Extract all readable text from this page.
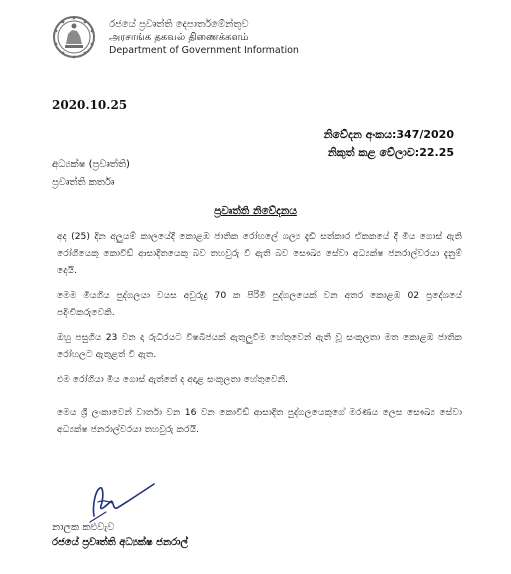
රජයේ ප්‍රවෘත්ති දෙපාර්තමේන්තුව
அரசாங்க தகவல் திணைக்களம்
Department of Government Information
2020.10.25
නිවේදන අංකය:347/2020
නිකුත් කළ වේලාව:22.25
අධ්‍යක්ෂ (ප්‍රවෘත්ති)
ප්‍රවෘත්ති කර්තෘ
ප්‍රවෘත්ති නිවේදනය
අද (25) දින අලුයම් කාලයේදී කොළඹ ජාතික රෝහලේ ශල්‍ය දැඩි සත්කාර ඒකකයේ දී මිය ගොස් ඇති රෝගියෙකු කොවිඩ් ආසාදිතයෙකු බව තහවුරු වී ඇති බව සෞඛ්‍ය සේවා අධ්‍යක්ෂ ජනරාල්වරයා දැනුම් දෙයි.
මෙම මියගිය පුද්ගලයා වයස අවුරුදු 70 ක පිරිමි පුද්ගලයෙක් වන අතර කොළඹ 02 ප්‍රදේශයේ පදිංචිකරුවෙකි.
ඔහු පසුගිය 23 වන දා රුධිරයට විෂබීජයක් ඇතුලුවීම හේතුවෙන් ඇති වූ සංකූලතා මත කොළඹ ජාතික රෝහලට ඇතුළත් වී ඇත.
එම රෝගියා මිය ගොස් ඇත්තේ ද අදාළ සංකූලතා හේතුවෙනි.
මෙය ශ්‍රී ලංකාවෙන් වාර්තා වන 16 වන කොවිඩ් ආසාදිත පුද්ගලයෙකුගේ මරණය ලෙස සෞඛ්‍ය සේවා අධ්‍යක්ෂ ජනරාල්වරයා තහවුරු කරයි.
නාලක කළුවැව
රජයේ ප්‍රවෘත්ති අධ්‍යක්ෂ ජනරාල්
